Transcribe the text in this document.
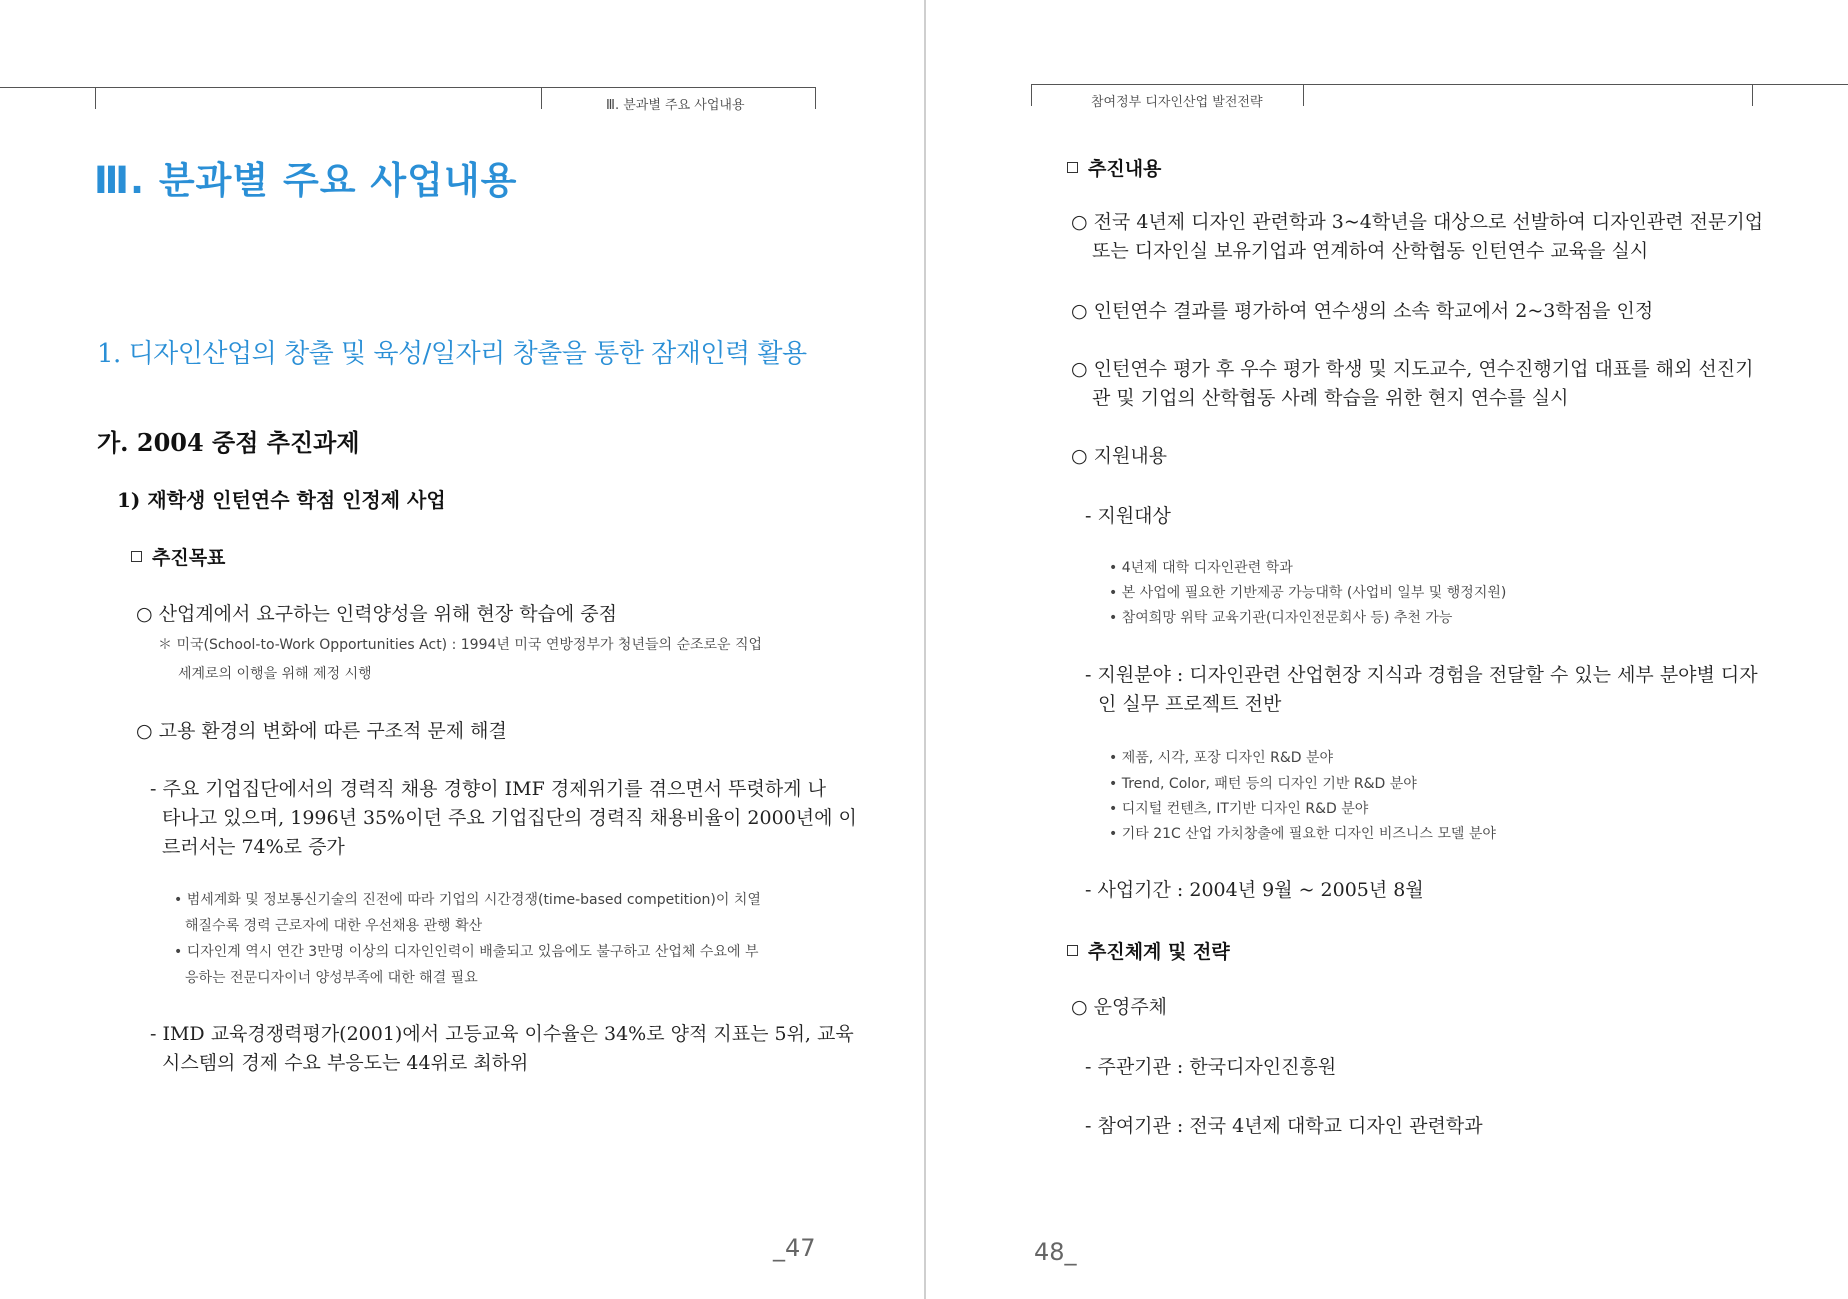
Ⅲ. 분과별 주요 사업내용
Ⅲ. 분과별 주요 사업내용
1. 디자인산업의 창출 및 육성/일자리 창출을 통한 잠재인력 활용
가. 2004 중점 추진과제
1) 재학생 인턴연수 학점 인정제 사업
추진목표
○ 산업계에서 요구하는 인력양성을 위해 현장 학습에 중점
＊ 미국(School-to-Work Opportunities Act) : 1994년 미국 연방정부가 청년들의 순조로운 직업
세계로의 이행을 위해 제정 시행
○ 고용 환경의 변화에 따른 구조적 문제 해결
- 주요 기업집단에서의 경력직 채용 경향이 IMF 경제위기를 겪으면서 뚜렷하게 나
타나고 있으며, 1996년 35%이던 주요 기업집단의 경력직 채용비율이 2000년에 이
르러서는 74%로 증가
• 범세계화 및 정보통신기술의 진전에 따라 기업의 시간경쟁(time-based competition)이 치열
해질수록 경력 근로자에 대한 우선채용 관행 확산
• 디자인계 역시 연간 3만명 이상의 디자인인력이 배출되고 있음에도 불구하고 산업체 수요에 부
응하는 전문디자이너 양성부족에 대한 해결 필요
- IMD 교육경쟁력평가(2001)에서 고등교육 이수율은 34%로 양적 지표는 5위, 교육
시스템의 경제 수요 부응도는 44위로 최하위
_47
참여정부 디자인산업 발전전략
추진내용
○ 전국 4년제 디자인 관련학과 3~4학년을 대상으로 선발하여 디자인관련 전문기업
또는 디자인실 보유기업과 연계하여 산학협동 인턴연수 교육을 실시
○ 인턴연수 결과를 평가하여 연수생의 소속 학교에서 2~3학점을 인정
○ 인턴연수 평가 후 우수 평가 학생 및 지도교수, 연수진행기업 대표를 해외 선진기
관 및 기업의 산학협동 사례 학습을 위한 현지 연수를 실시
○ 지원내용
- 지원대상
• 4년제 대학 디자인관련 학과
• 본 사업에 필요한 기반제공 가능대학 (사업비 일부 및 행정지원)
• 참여희망 위탁 교육기관(디자인전문회사 등) 추천 가능
- 지원분야 : 디자인관련 산업현장 지식과 경험을 전달할 수 있는 세부 분야별 디자
인 실무 프로젝트 전반
• 제품, 시각, 포장 디자인 R&D 분야
• Trend, Color, 패턴 등의 디자인 기반 R&D 분야
• 디지털 컨텐츠, IT기반 디자인 R&D 분야
• 기타 21C 산업 가치창출에 필요한 디자인 비즈니스 모델 분야
- 사업기간 : 2004년 9월 ~ 2005년 8월
추진체계 및 전략
○ 운영주체
- 주관기관 : 한국디자인진흥원
- 참여기관 : 전국 4년제 대학교 디자인 관련학과
48_
